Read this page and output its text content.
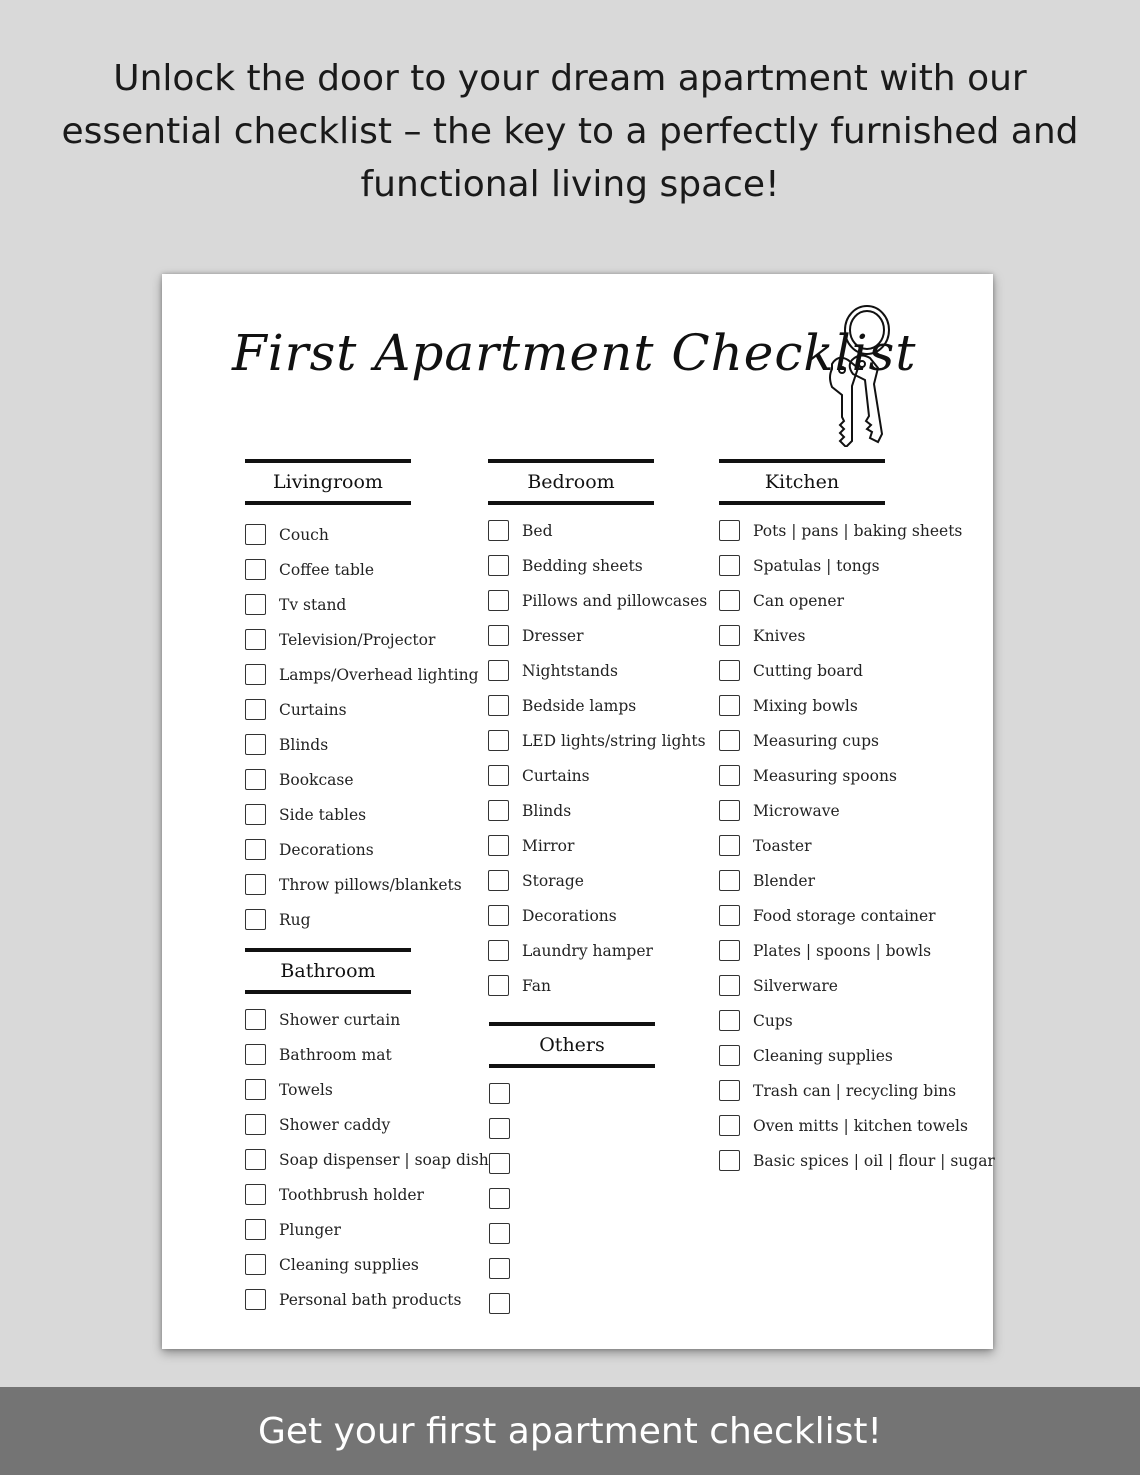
Unlock the door to your dream apartment with our essential checklist – the key to a perfectly furnished and functional living space!
First Apartment Checklist
Livingroom
Couch
Coffee table
Tv stand
Television/Projector
Lamps/Overhead lighting
Curtains
Blinds
Bookcase
Side tables
Decorations
Throw pillows/blankets
Rug
Bathroom
Shower curtain
Bathroom mat
Towels
Shower caddy
Soap dispenser | soap dish
Toothbrush holder
Plunger
Cleaning supplies
Personal bath products
Bedroom
Bed
Bedding sheets
Pillows and pillowcases
Dresser
Nightstands
Bedside lamps
LED lights/string lights
Curtains
Blinds
Mirror
Storage
Decorations
Laundry hamper
Fan
Others
Kitchen
Pots | pans | baking sheets
Spatulas | tongs
Can opener
Knives
Cutting board
Mixing bowls
Measuring cups
Measuring spoons
Microwave
Toaster
Blender
Food storage container
Plates | spoons | bowls
Silverware
Cups
Cleaning supplies
Trash can | recycling bins
Oven mitts | kitchen towels
Basic spices | oil | flour | sugar
Get your first apartment checklist!
